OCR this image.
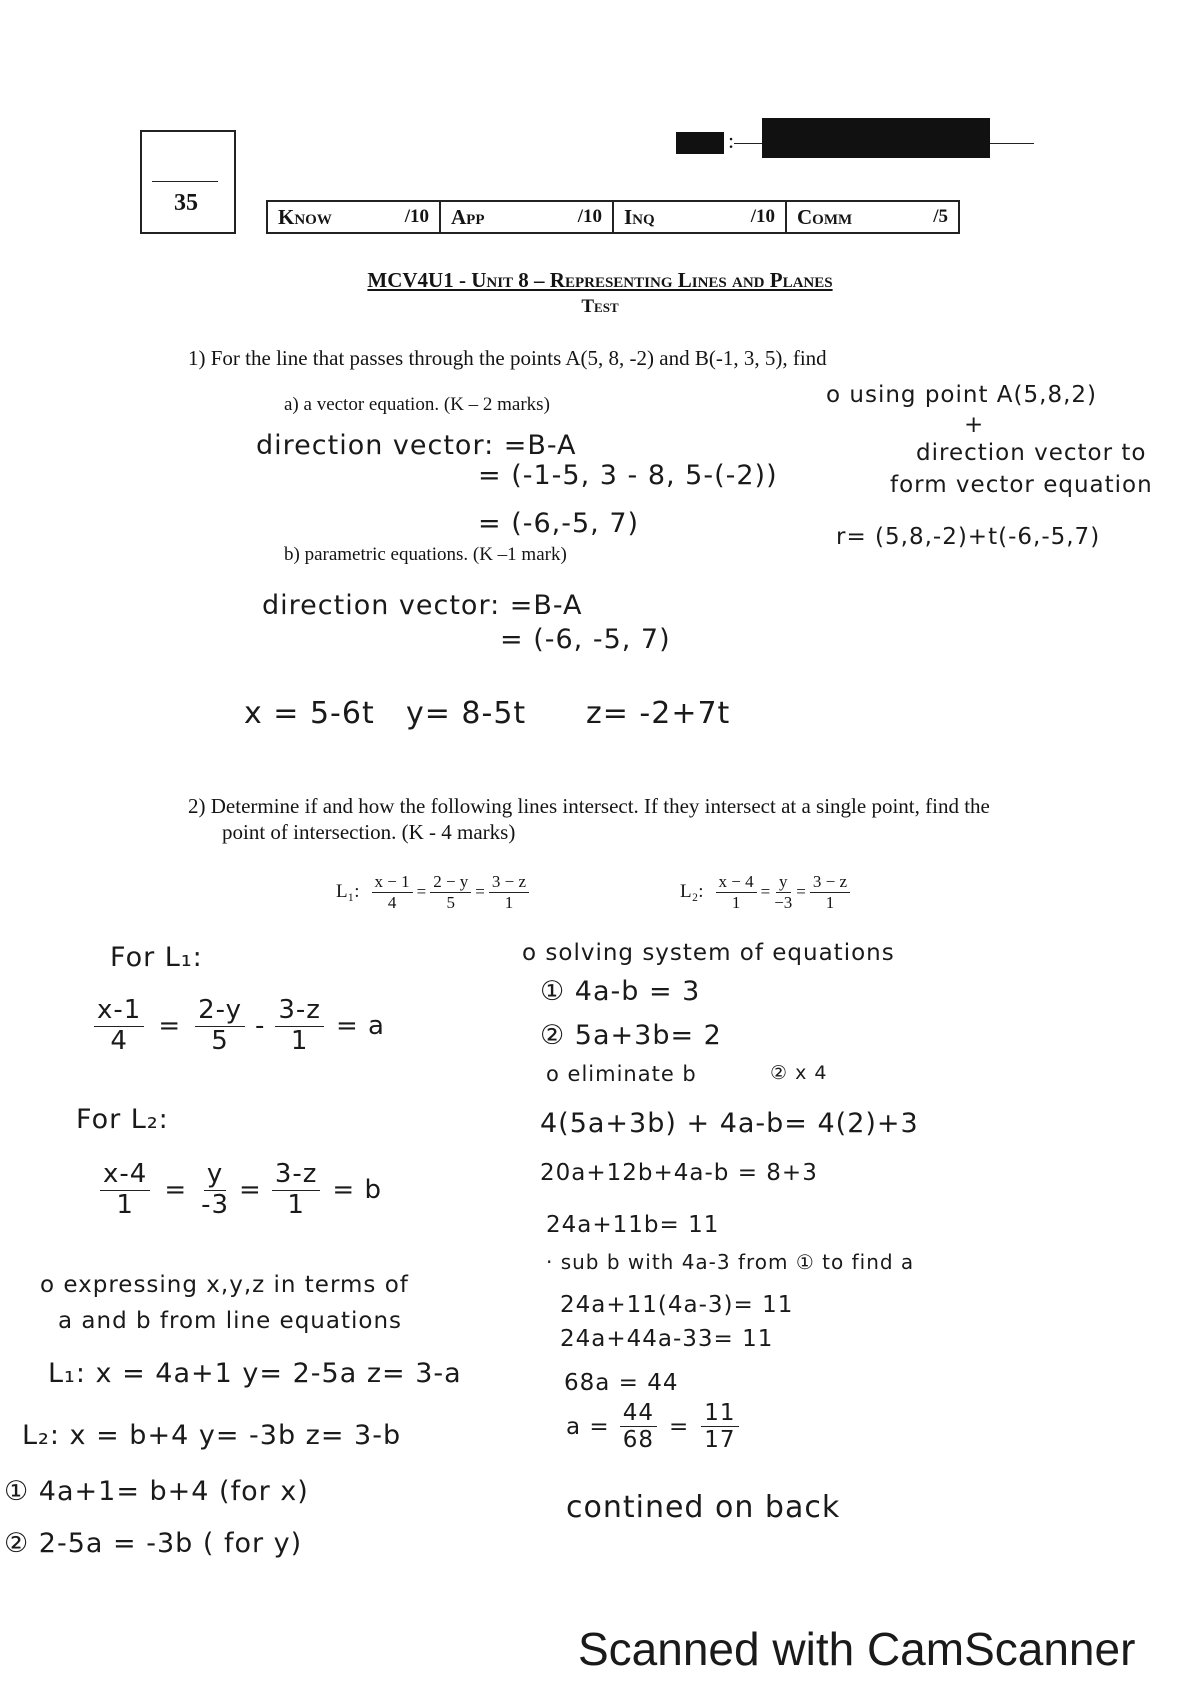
35
:
Know	/10 App	/10 Inq	/10 Comm	/5
MCV4U1 - Unit 8 – Representing Lines and Planes
Test
1) For the line that passes through the points A(5, 8, -2) and B(-1, 3, 5), find
a) a vector equation. (K – 2 marks)
direction vector: =B-A
= (-1-5, 3 - 8, 5-(-2))
= (-6,-5, 7)
o using point A(5,8,2)
+
direction vector to
form vector equation
r= (5,8,-2)+t(-6,-5,7)
b) parametric equations. (K –1 mark)
direction vector: =B-A
= (-6, -5, 7)
x = 5-6t y= 8-5t z= -2+7t
2) Determine if and how the following lines intersect. If they intersect at a single point, find the
point of intersection. (K - 4 marks)
L₁: $\frac{x - 1}{4} = \frac{2 - y}{5} = \frac{3 - z}{1}$	L₂: $\frac{x - 4}{1} = \frac{y}{-3} = \frac{3 - z}{1}$
For L₁:
$\frac{x-1}{4} = \frac{2-y}{5} - \frac{3-z}{1} = a$
For L₂:
$\frac{x-4}{1} = \frac{y}{-3} = \frac{3-z}{1} = b$
o expressing x,y,z in terms of
a and b from line equations
L₁: x = 4a+1 y= 2-5a z= 3-a
L₂: x = b+4 y= -3b z= 3-b
① 4a+1= b+4 (for x)
② 2-5a = -3b ( for y)
o solving system of equations
① 4a-b = 3
② 5a+3b= 2
o eliminate b	② x 4
4(5a+3b) + 4a-b= 4(2)+3
20a+12b+4a-b = 8+3
24a+11b= 11
· sub b with 4a-3 from ① to find a
24a+11(4a-3)= 11
24a+44a-33= 11
68a = 44
$a = \frac{44}{68} = \frac{11}{17}$
contined on back
Scanned with CamScanner
